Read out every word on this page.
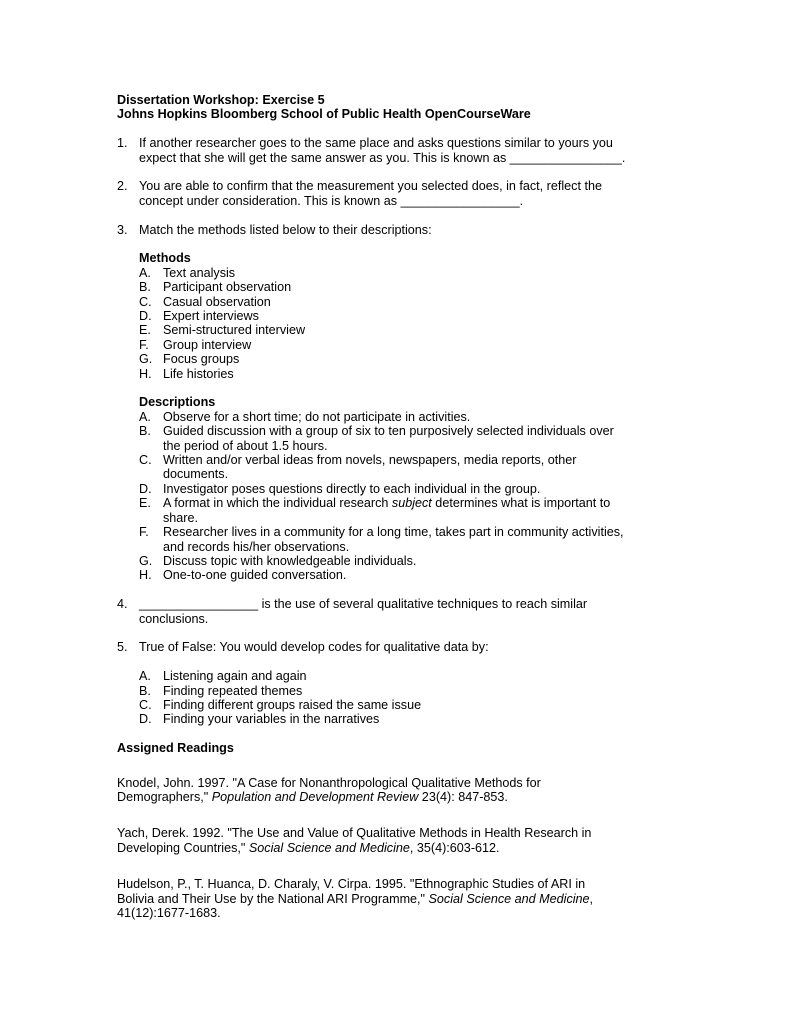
Dissertation Workshop: Exercise 5
Johns Hopkins Bloomberg School of Public Health OpenCourseWare
1. If another researcher goes to the same place and asks questions similar to yours you
expect that she will get the same answer as you. This is known as ________________.
2. You are able to confirm that the measurement you selected does, in fact, reflect the
concept under consideration. This is known as _________________.
3. Match the methods listed below to their descriptions:
Methods
A. Text analysis
B. Participant observation
C. Casual observation
D. Expert interviews
E. Semi-structured interview
F. Group interview
G. Focus groups
H. Life histories
Descriptions
A. Observe for a short time; do not participate in activities.
B. Guided discussion with a group of six to ten purposively selected individuals over
the period of about 1.5 hours.
C. Written and/or verbal ideas from novels, newspapers, media reports, other
documents.
D. Investigator poses questions directly to each individual in the group.
E. A format in which the individual research subject determines what is important to
share.
F. Researcher lives in a community for a long time, takes part in community activities,
and records his/her observations.
G. Discuss topic with knowledgeable individuals.
H. One-to-one guided conversation.
4. _________________ is the use of several qualitative techniques to reach similar
conclusions.
5. True of False: You would develop codes for qualitative data by:
A. Listening again and again
B. Finding repeated themes
C. Finding different groups raised the same issue
D. Finding your variables in the narratives
Assigned Readings
Knodel, John. 1997. "A Case for Nonanthropological Qualitative Methods for
Demographers," Population and Development Review 23(4): 847-853.
Yach, Derek. 1992. "The Use and Value of Qualitative Methods in Health Research in
Developing Countries," Social Science and Medicine, 35(4):603-612.
Hudelson, P., T. Huanca, D. Charaly, V. Cirpa. 1995. "Ethnographic Studies of ARI in
Bolivia and Their Use by the National ARI Programme," Social Science and Medicine,
41(12):1677-1683.
